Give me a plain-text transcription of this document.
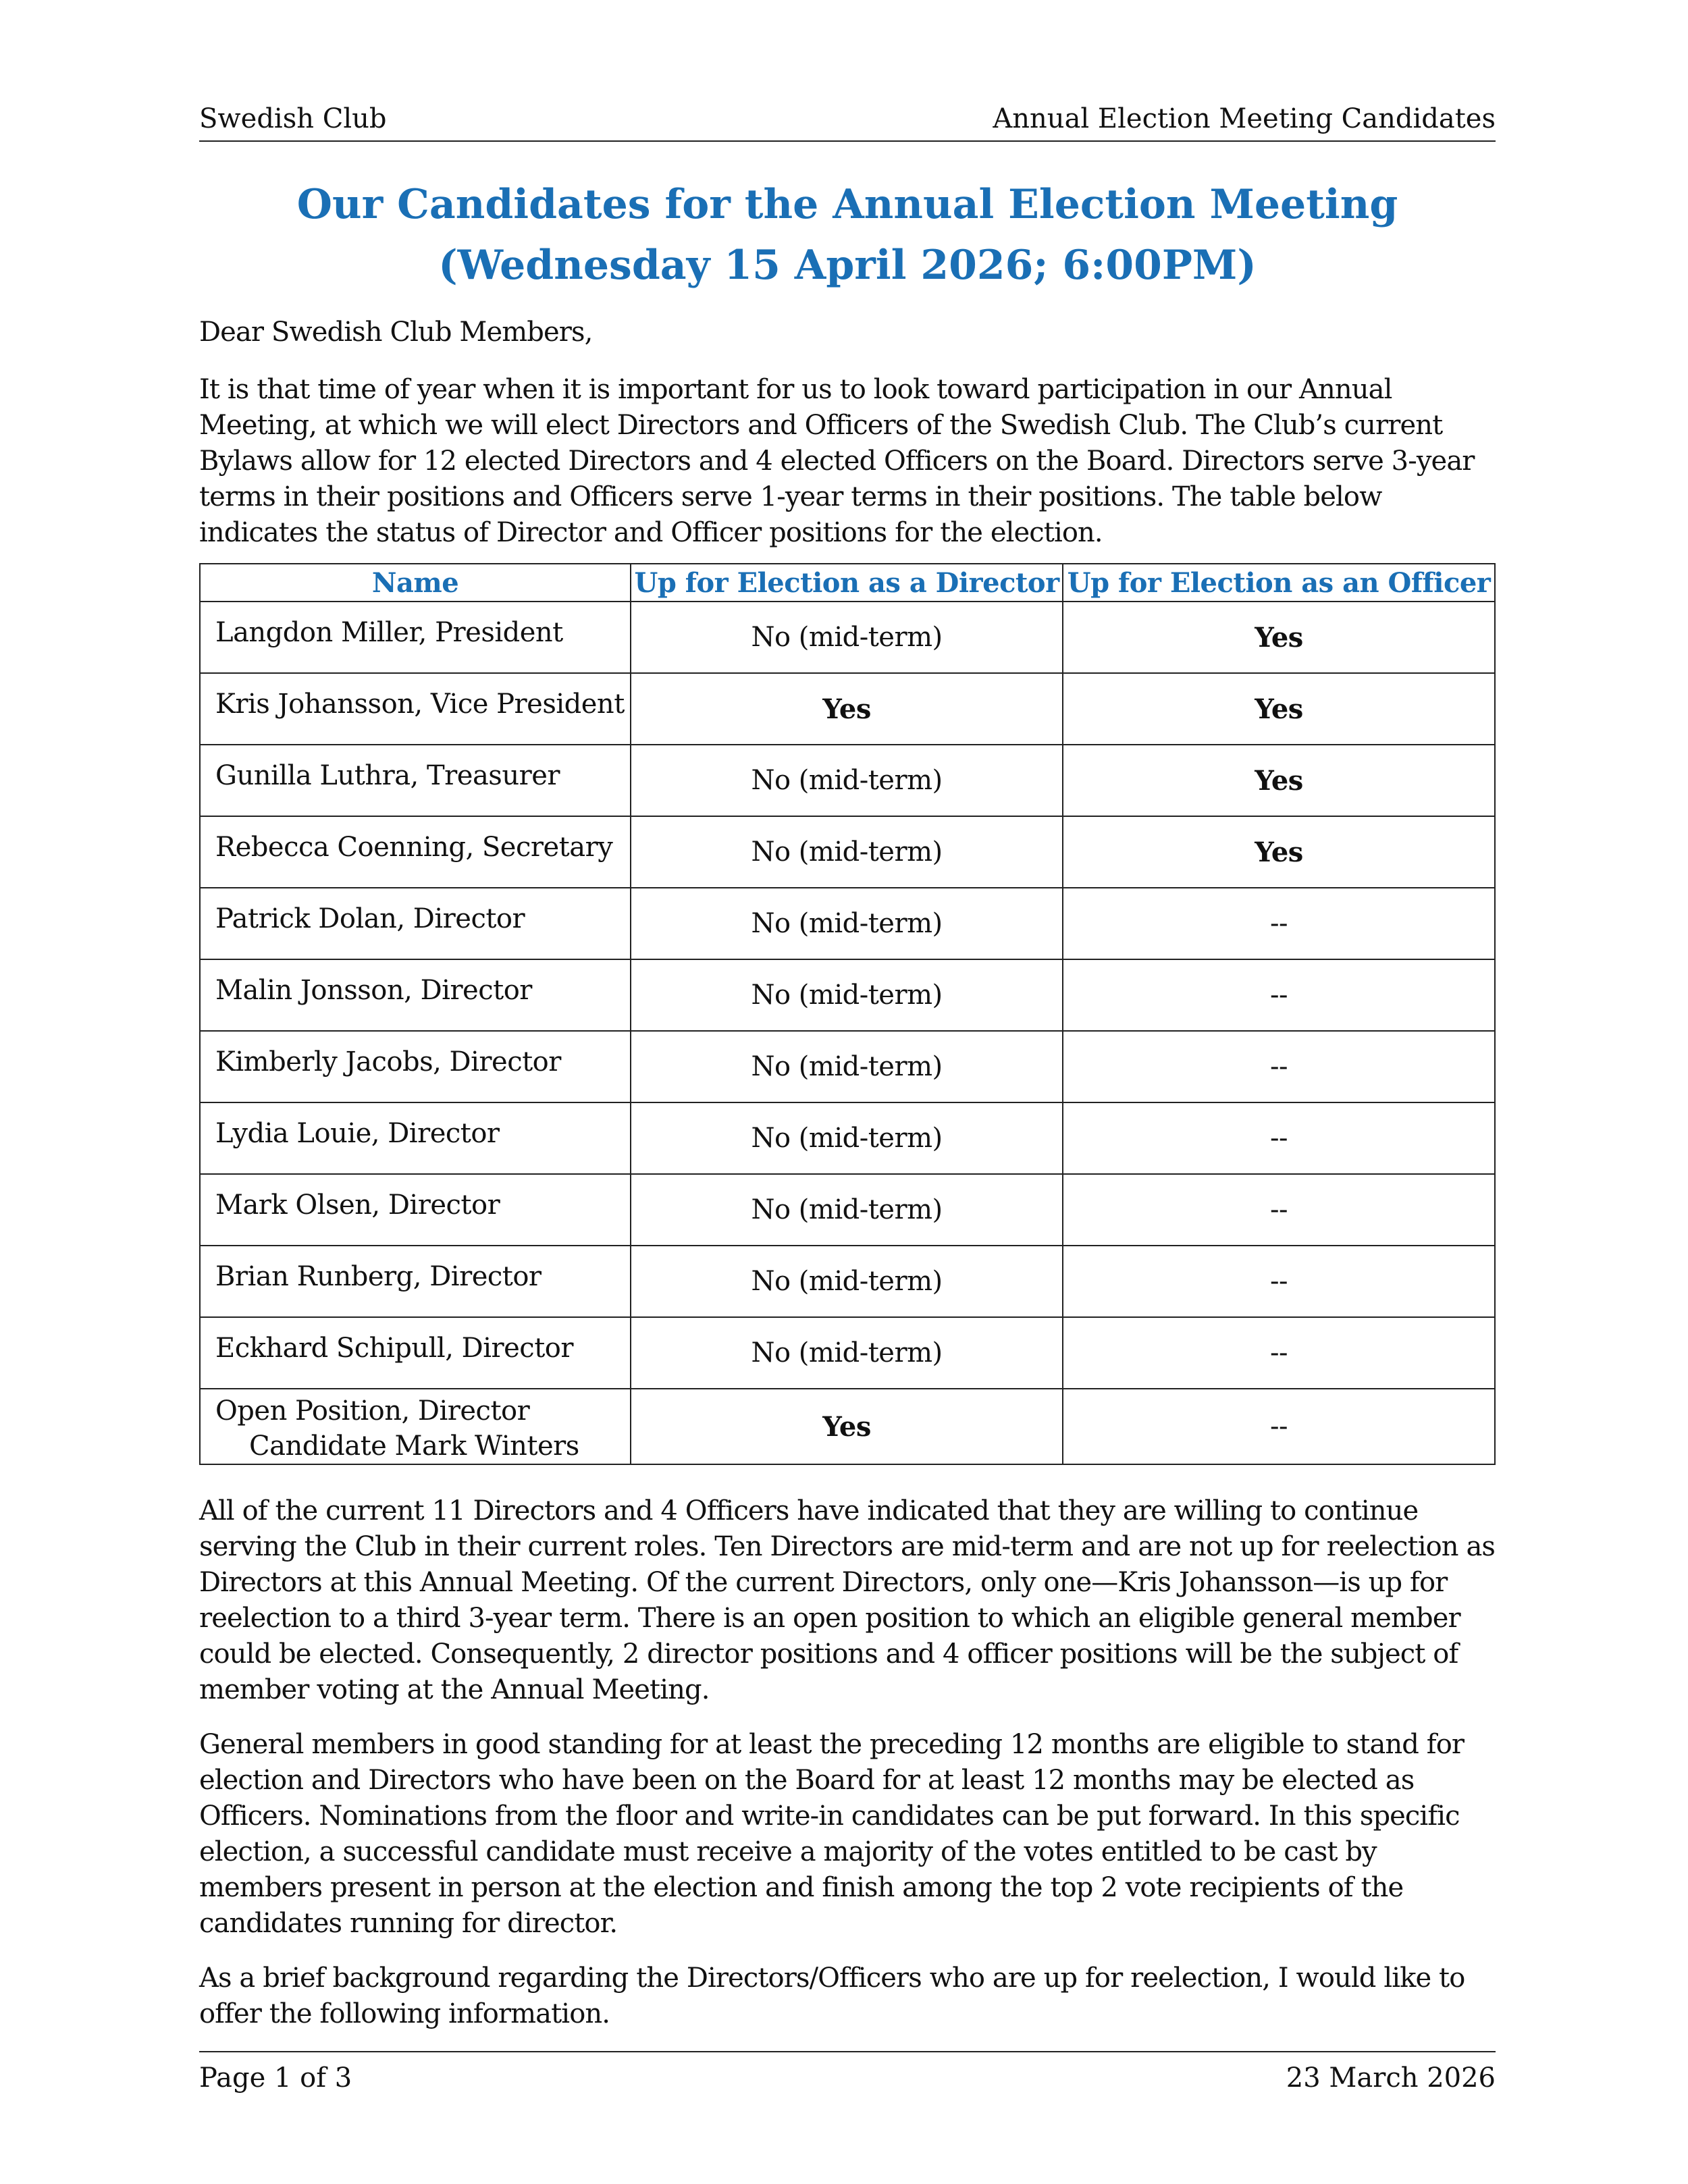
Swedish Club	Annual Election Meeting Candidates
Our Candidates for the Annual Election Meeting
(Wednesday 15 April 2026; 6:00PM)
Dear Swedish Club Members,
It is that time of year when it is important for us to look toward participation in our Annual Meeting, at which we will elect Directors and Officers of the Swedish Club. The Club’s current Bylaws allow for 12 elected Directors and 4 elected Officers on the Board. Directors serve 3-year terms in their positions and Officers serve 1-year terms in their positions. The table below indicates the status of Director and Officer positions for the election.
Name	Up for Election as a Director	Up for Election as an Officer
Langdon Miller, President	No (mid-term)	Yes
Kris Johansson, Vice President	Yes	Yes
Gunilla Luthra, Treasurer	No (mid-term)	Yes
Rebecca Coenning, Secretary	No (mid-term)	Yes
Patrick Dolan, Director	No (mid-term)	--
Malin Jonsson, Director	No (mid-term)	--
Kimberly Jacobs, Director	No (mid-term)	--
Lydia Louie, Director	No (mid-term)	--
Mark Olsen, Director	No (mid-term)	--
Brian Runberg, Director	No (mid-term)	--
Eckhard Schipull, Director	No (mid-term)	--
Open Position, Director
Candidate Mark Winters	Yes	--
All of the current 11 Directors and 4 Officers have indicated that they are willing to continue serving the Club in their current roles. Ten Directors are mid-term and are not up for reelection as Directors at this Annual Meeting. Of the current Directors, only one—Kris Johansson—is up for reelection to a third 3-year term. There is an open position to which an eligible general member could be elected. Consequently, 2 director positions and 4 officer positions will be the subject of member voting at the Annual Meeting.
General members in good standing for at least the preceding 12 months are eligible to stand for election and Directors who have been on the Board for at least 12 months may be elected as Officers. Nominations from the floor and write-in candidates can be put forward. In this specific election, a successful candidate must receive a majority of the votes entitled to be cast by members present in person at the election and finish among the top 2 vote recipients of the candidates running for director.
As a brief background regarding the Directors/Officers who are up for reelection, I would like to offer the following information.
Page 1 of 3	23 March 2026
